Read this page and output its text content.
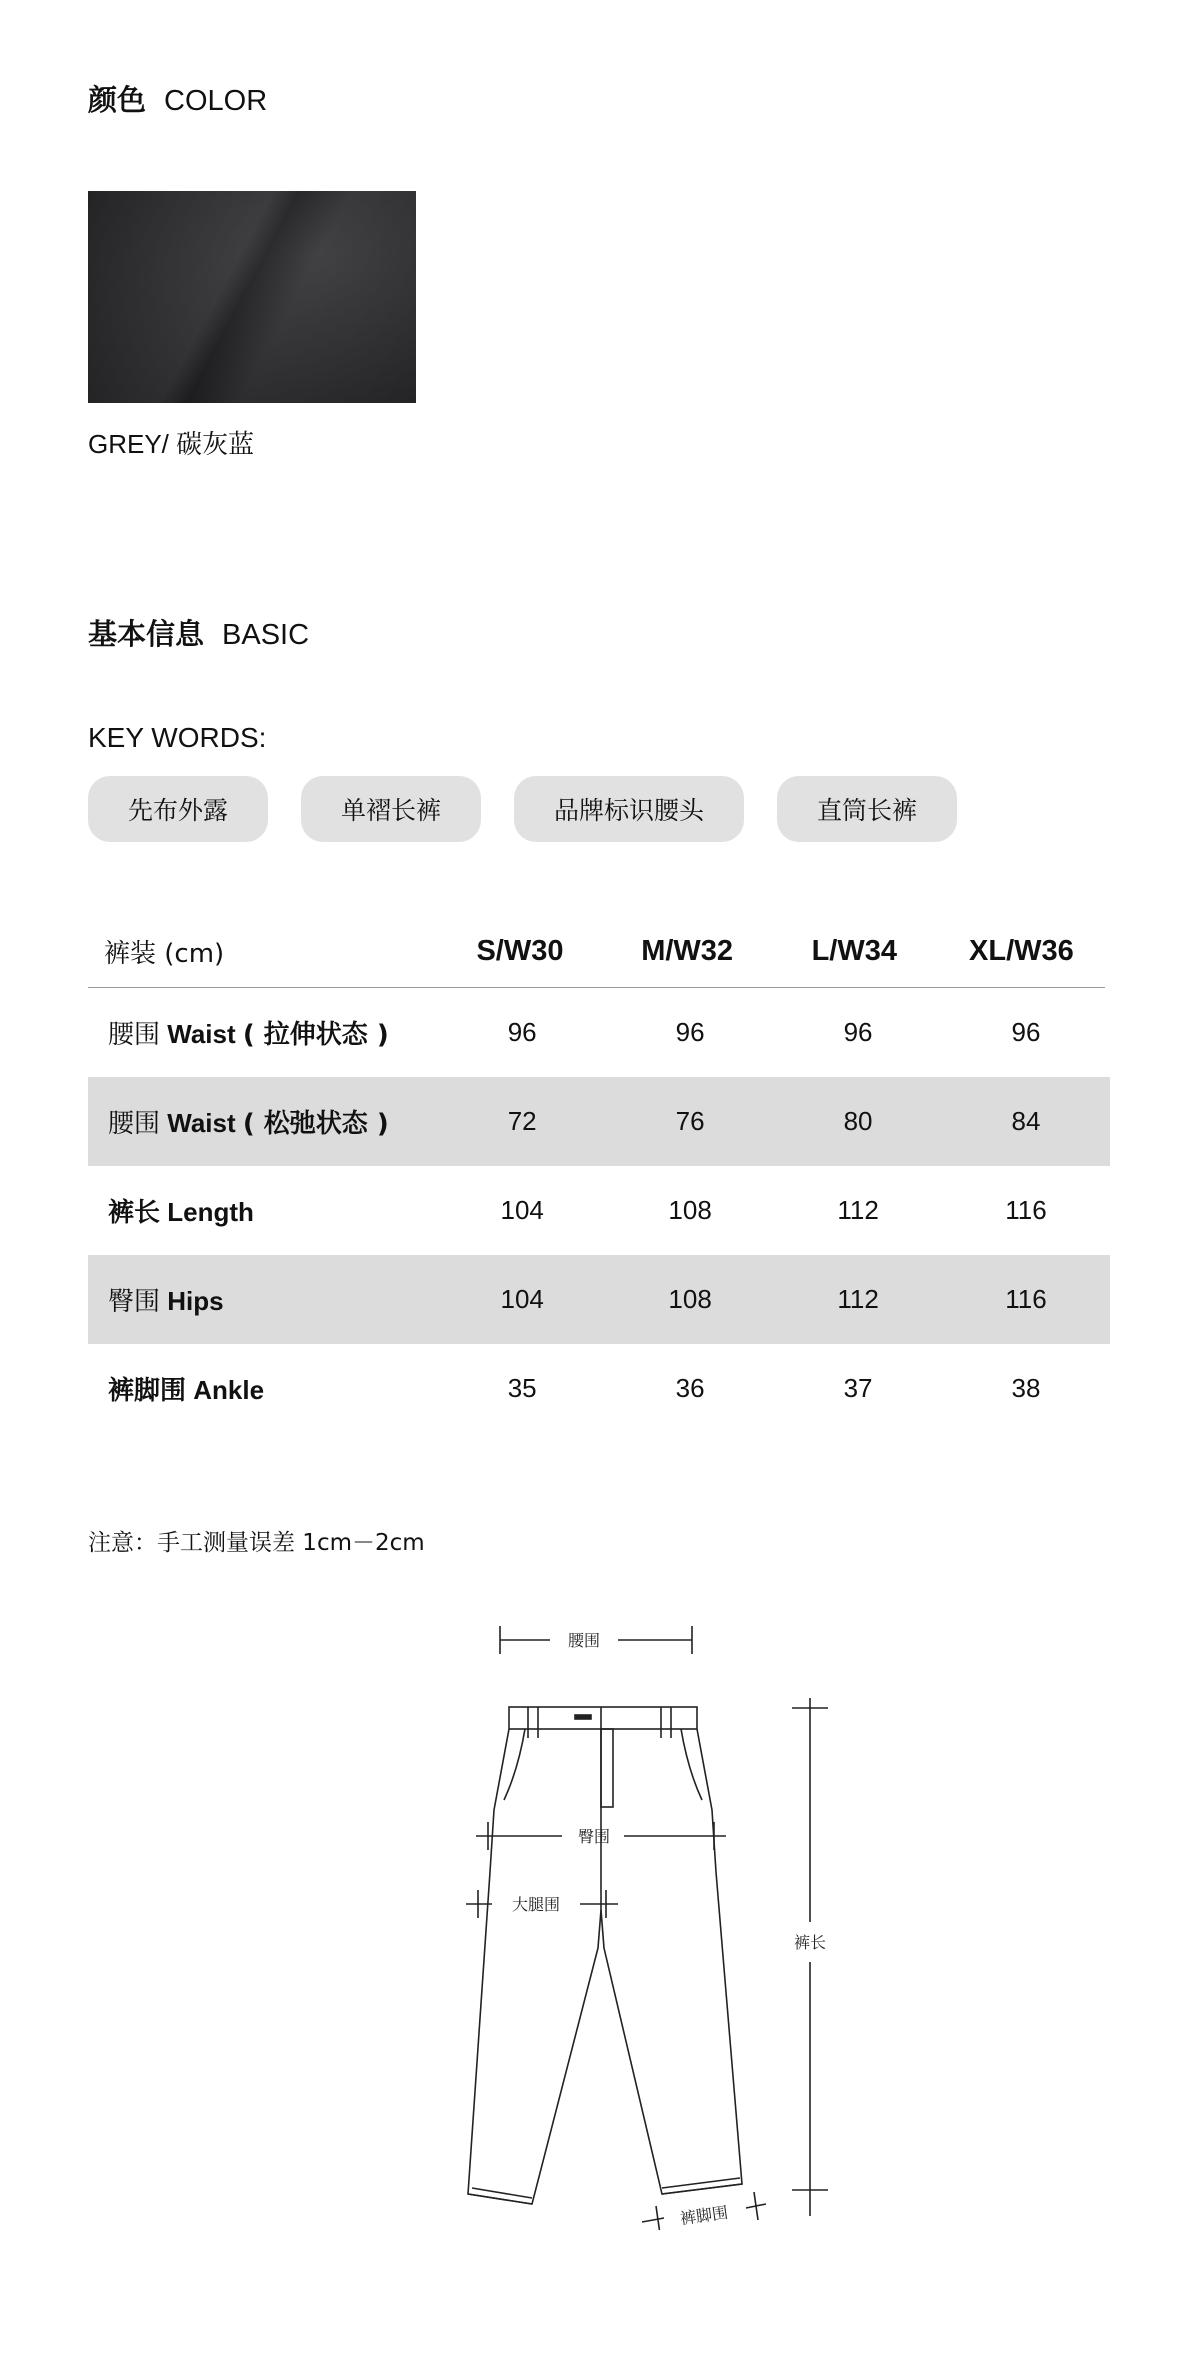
颜色 COLOR
GREY/ 碳灰蓝
基本信息 BASIC
KEY WORDS:
先布外露	单褶长裤	品牌标识腰头	直筒长裤
裤装 (cm)	S/W30	M/W32	L/W34	XL/W36
腰围 Waist ( 拉伸状态 )	96	96	96	96
腰围 Waist ( 松弛状态 )	72	76	80	84
裤长 Length	104	108	112	116
臀围 Hips	104	108	112	116
裤脚围 Ankle	35	36	37	38
注意：手工测量误差 1cm－2cm
腰围
臀围
大腿围
裤长
裤脚围
